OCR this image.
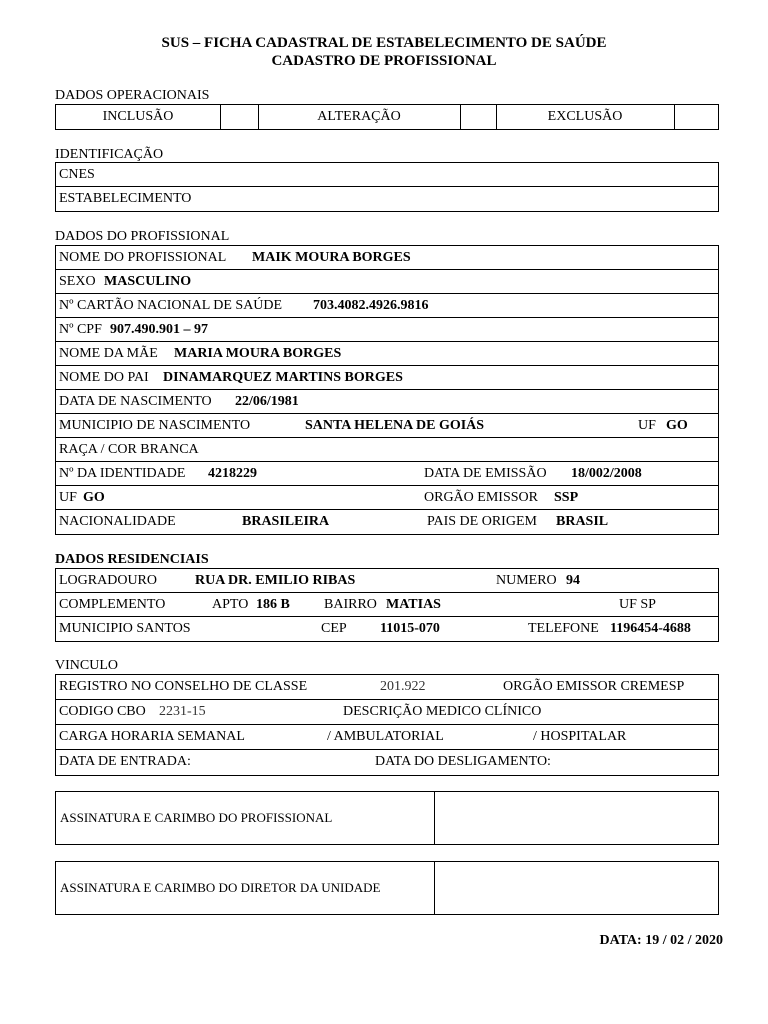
SUS – FICHA CADASTRAL DE ESTABELECIMENTO DE SAÚDE
CADASTRO DE PROFISSIONAL
DADOS OPERACIONAIS
INCLUSÃO	ALTERAÇÃO	EXCLUSÃO
IDENTIFICAÇÃO
CNES
ESTABELECIMENTO
DADOS DO PROFISSIONAL
NOME DO PROFISSIONAL MAIK MOURA BORGES
SEXO MASCULINO
Nº CARTÃO NACIONAL DE SAÚDE 703.4082.4926.9816
Nº CPF 907.490.901 – 97
NOME DA MÃE MARIA MOURA BORGES
NOME DO PAI DINAMARQUEZ MARTINS BORGES
DATA DE NASCIMENTO 22/06/1981
MUNICIPIO DE NASCIMENTO	SANTA HELENA DE GOIÁS	UF GO
RAÇA / COR BRANCA
Nº DA IDENTIDADE 4218229	DATA DE EMISSÃO 18/002/2008
UF GO	ORGÃO EMISSOR SSP
NACIONALIDADE	BRASILEIRA	PAIS DE ORIGEM BRASIL
DADOS RESIDENCIAIS
LOGRADOURO	RUA DR. EMILIO RIBAS	NUMERO 94
COMPLEMENTO	APTO 186 B BAIRRO MATIAS	UF SP
MUNICIPIO SANTOS	CEP 11015-070	TELEFONE 1196454-4688
VINCULO
REGISTRO NO CONSELHO DE CLASSE	201.922	ORGÃO EMISSOR CREMESP
CODIGO CBO 2231-15	DESCRIÇÃO MEDICO CLÍNICO
CARGA HORARIA SEMANAL	/ AMBULATORIAL	/ HOSPITALAR
DATA DE ENTRADA:	DATA DO DESLIGAMENTO:
ASSINATURA E CARIMBO DO PROFISSIONAL
ASSINATURA E CARIMBO DO DIRETOR DA UNIDADE
DATA: 19 / 02 / 2020
